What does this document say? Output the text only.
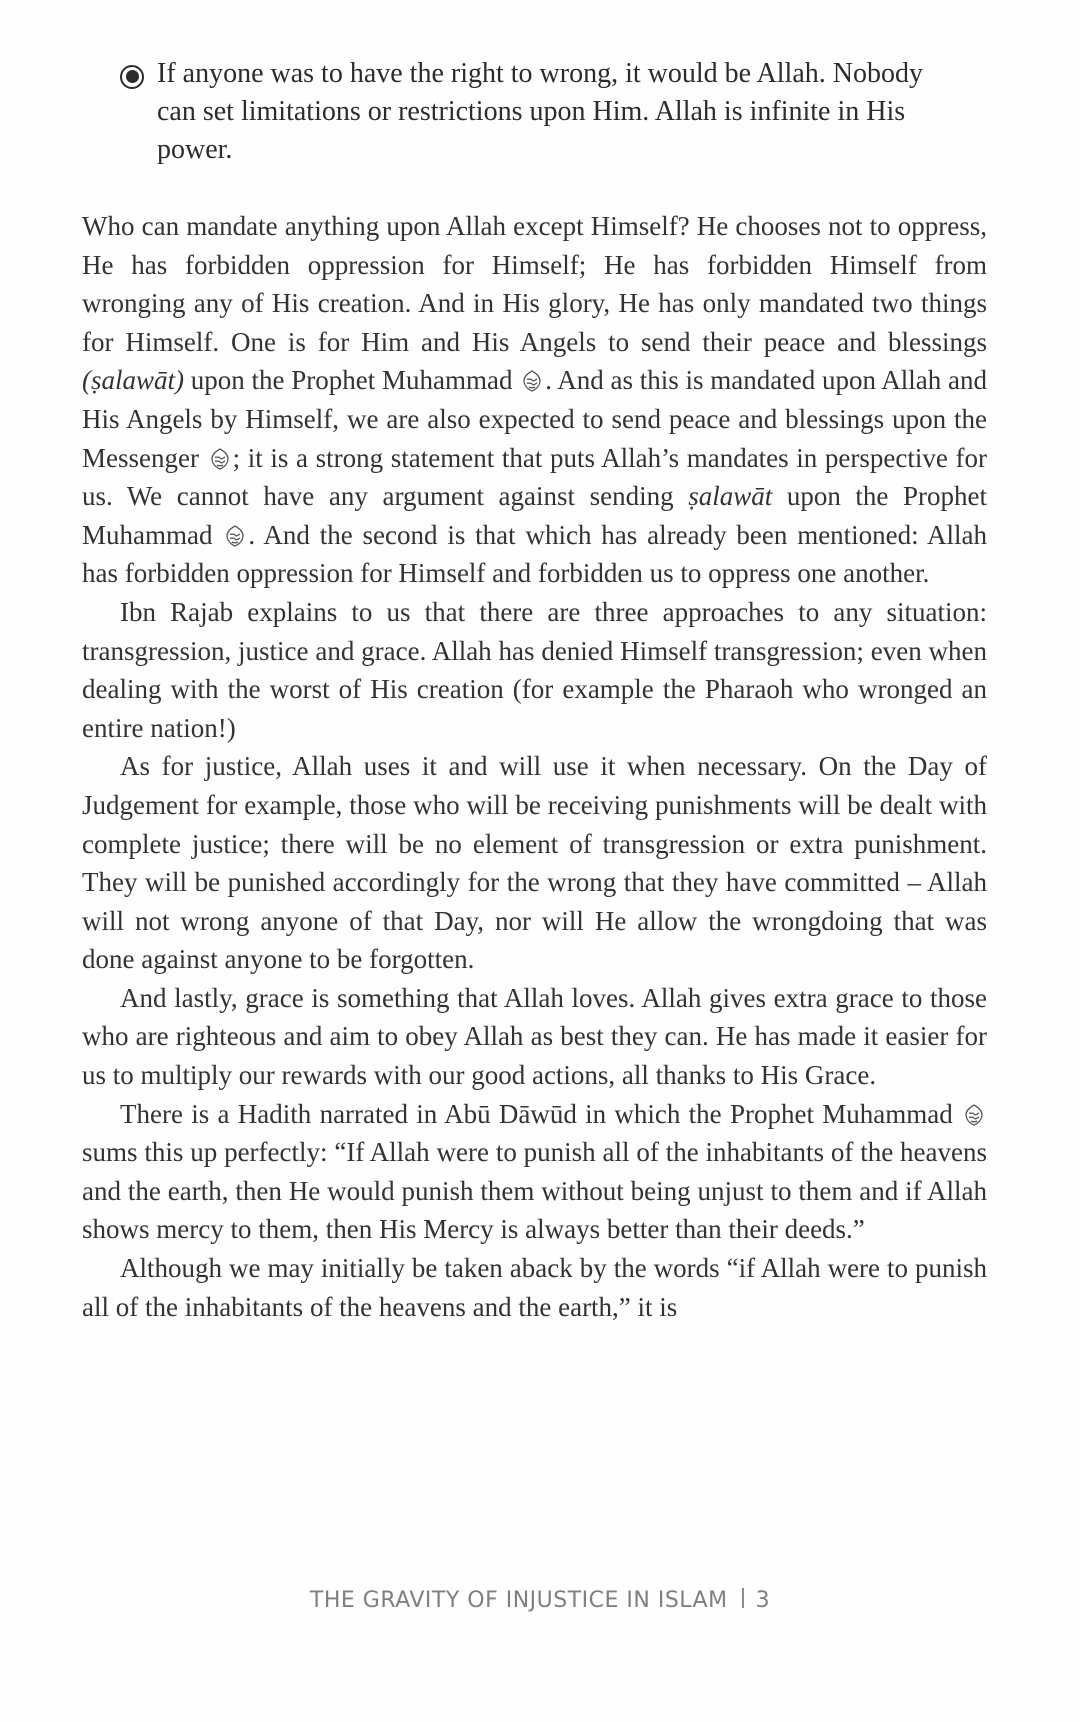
If anyone was to have the right to wrong, it would be Allah. Nobody can set limitations or restrictions upon Him. Allah is infinite in His power.

Who can mandate anything upon Allah except Himself? He chooses not to oppress, He has forbidden oppression for Himself; He has forbidden Himself from wronging any of His creation. And in His glory, He has only mandated two things for Himself. One is for Him and His Angels to send their peace and blessings (ṣalawāt) upon the Prophet Muhammad
. And as this is mandated upon Allah and His Angels by Himself, we are also expected to send peace and blessings upon the Messenger
; it is a strong statement that puts Allah’s mandates in perspective for us. We cannot have any argument against sending ṣalawāt upon the Prophet Muhammad
. And the second is that which has already been mentioned: Allah has forbidden oppression for Himself and forbidden us to oppress one another.

Ibn Rajab explains to us that there are three approaches to any situation: transgression, justice and grace. Allah has denied Himself transgression; even when dealing with the worst of His creation (for example the Pharaoh who wronged an entire nation!)

As for justice, Allah uses it and will use it when necessary. On the Day of Judgement for example, those who will be receiving punishments will be dealt with complete justice; there will be no element of transgression or extra punishment. They will be punished accordingly for the wrong that they have committed – Allah will not wrong anyone of that Day, nor will He allow the wrongdoing that was done against anyone to be forgotten.

And lastly, grace is something that Allah loves. Allah gives extra grace to those who are righteous and aim to obey Allah as best they can. He has made it easier for us to multiply our rewards with our good actions, all thanks to His Grace.

There is a Hadith narrated in Abū Dāwūd in which the Prophet Muhammad
sums this up perfectly: “If Allah were to punish all of the inhabitants of the heavens and the earth, then He would punish them without being unjust to them and if Allah shows mercy to them, then His Mercy is always better than their deeds.”

Although we may initially be taken aback by the words “if Allah were to punish all of the inhabitants of the heavens and the earth,” it is

THE GRAVITY OF INJUSTICE IN ISLAM 3
